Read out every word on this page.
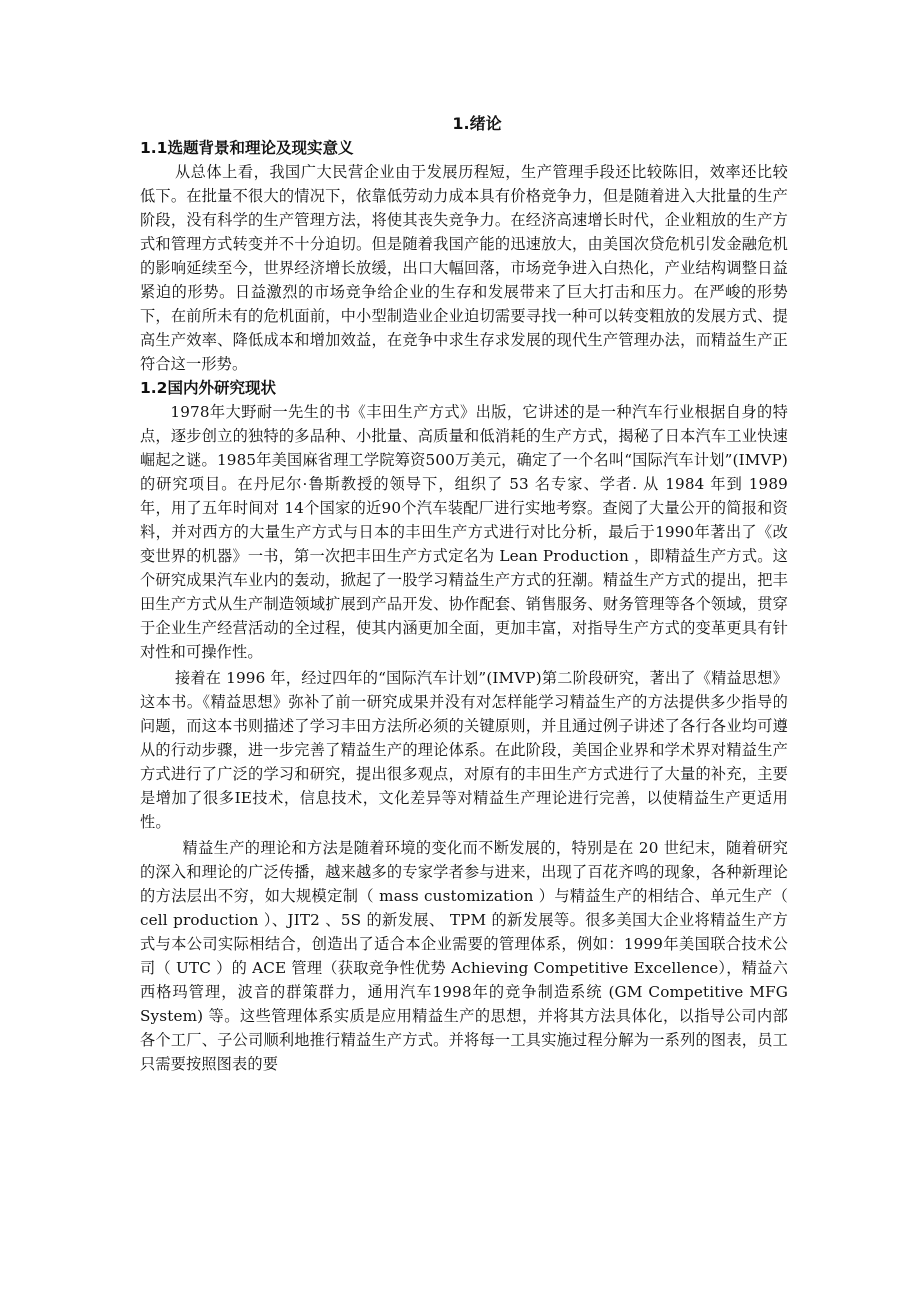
1.绪论
1.1选题背景和理论及现实意义

从总体上看，我国广大民营企业由于发展历程短，生产管理手段还比较陈旧，效率还比较低下。在批量不很大的情况下，依靠低劳动力成本具有价格竞争力，但是随着进入大批量的生产阶段，没有科学的生产管理方法，将使其丧失竞争力。在经济高速增长时代，企业粗放的生产方式和管理方式转变并不十分迫切。但是随着我国产能的迅速放大，由美国次贷危机引发金融危机的影响延续至今，世界经济增长放缓，出口大幅回落，市场竞争进入白热化，产业结构调整日益紧迫的形势。日益激烈的市场竞争给企业的生存和发展带来了巨大打击和压力。在严峻的形势下，在前所未有的危机面前，中小型制造业企业迫切需要寻找一种可以转变粗放的发展方式、提高生产效率、降低成本和增加效益，在竞争中求生存求发展的现代生产管理办法，而精益生产正符合这一形势。

1.2国内外研究现状

1978年大野耐一先生的书《丰田生产方式》出版，它讲述的是一种汽车行业根据自身的特点，逐步创立的独特的多品种、小批量、高质量和低消耗的生产方式，揭秘了日本汽车工业快速崛起之谜。1985年美国麻省理工学院筹资500万美元，确定了一个名叫“国际汽车计划”(IMVP)的研究项目。在丹尼尔·鲁斯教授的领导下，组织了 53 名专家、学者. 从 1984 年到 1989 年，用了五年时间对 14个国家的近90个汽车装配厂进行实地考察。查阅了大量公开的简报和资料，并对西方的大量生产方式与日本的丰田生产方式进行对比分析，最后于1990年著出了《改变世界的机器》一书，第一次把丰田生产方式定名为 Lean Production ，即精益生产方式。这个研究成果汽车业内的轰动，掀起了一股学习精益生产方式的狂潮。精益生产方式的提出，把丰田生产方式从生产制造领域扩展到产品开发、协作配套、销售服务、财务管理等各个领域，贯穿于企业生产经营活动的全过程，使其内涵更加全面，更加丰富，对指导生产方式的变革更具有针对性和可操作性。

接着在 1996 年，经过四年的“国际汽车计划”(IMVP)第二阶段研究，著出了《精益思想》这本书。《精益思想》弥补了前一研究成果并没有对怎样能学习精益生产的方法提供多少指导的问题，而这本书则描述了学习丰田方法所必须的关键原则，并且通过例子讲述了各行各业均可遵从的行动步骤，进一步完善了精益生产的理论体系。在此阶段，美国企业界和学术界对精益生产方式进行了广泛的学习和研究，提出很多观点，对原有的丰田生产方式进行了大量的补充，主要是增加了很多IE技术，信息技术，文化差异等对精益生产理论进行完善，以使精益生产更适用性。

精益生产的理论和方法是随着环境的变化而不断发展的，特别是在 20 世纪末，随着研究的深入和理论的广泛传播，越来越多的专家学者参与进来，出现了百花齐鸣的现象，各种新理论的方法层出不穷，如大规模定制（ mass customization ）与精益生产的相结合、单元生产（ cell production ）、JIT2 、5S 的新发展、 TPM 的新发展等。很多美国大企业将精益生产方式与本公司实际相结合，创造出了适合本企业需要的管理体系，例如：1999年美国联合技术公司（ UTC ）的 ACE 管理（获取竞争性优势 Achieving Competitive Excellence），精益六西格玛管理，波音的群策群力，通用汽车1998年的竞争制造系统 (GM Competitive MFG System) 等。这些管理体系实质是应用精益生产的思想，并将其方法具体化，以指导公司内部各个工厂、子公司顺利地推行精益生产方式。并将每一工具实施过程分解为一系列的图表，员工只需要按照图表的要
